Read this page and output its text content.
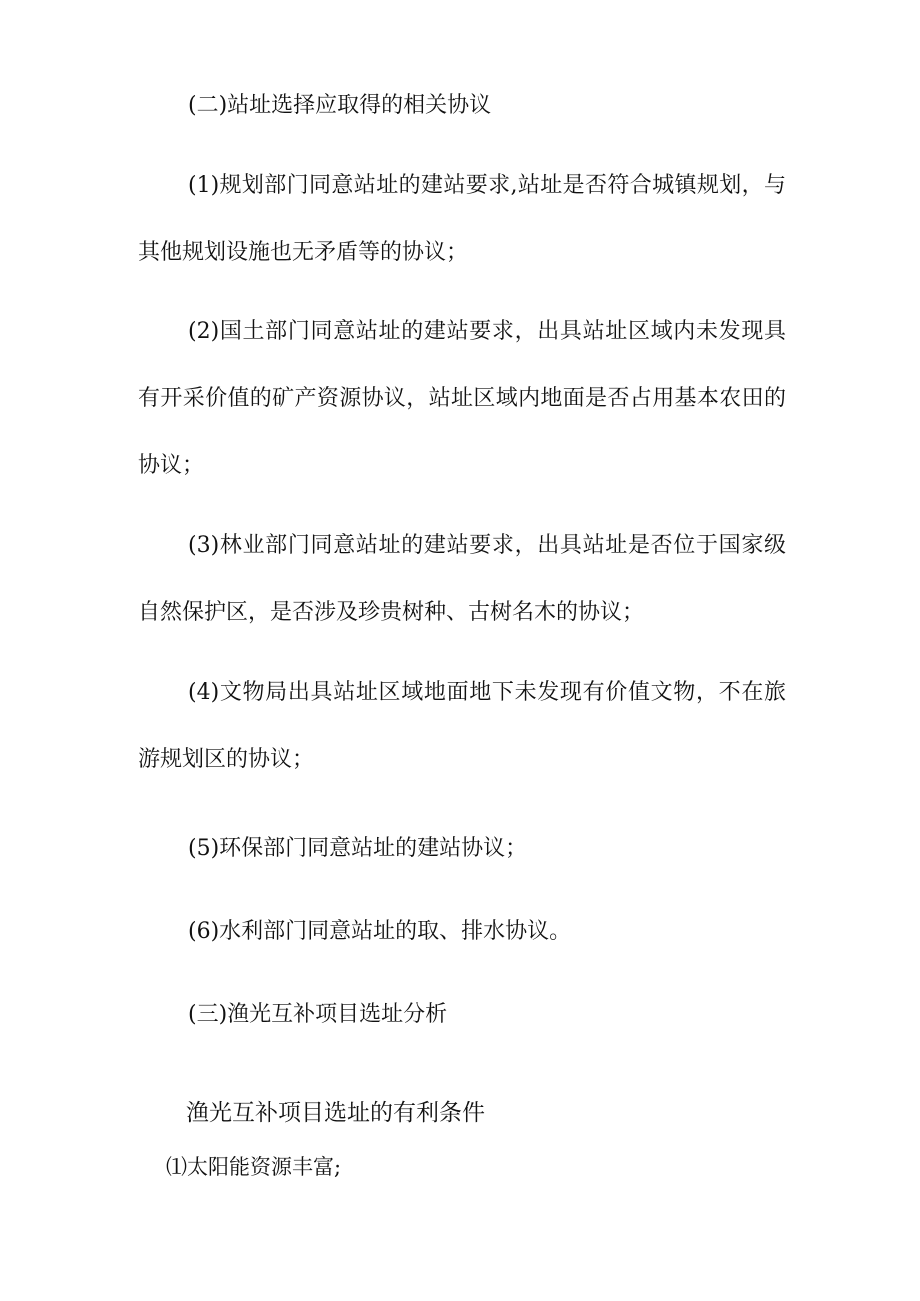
(二)站址选择应取得的相关协议

(1)规划部门同意站址的建站要求,站址是否符合城镇规划，与其他规划设施也无矛盾等的协议；

(2)国土部门同意站址的建站要求，出具站址区域内未发现具有开采价值的矿产资源协议，站址区域内地面是否占用基本农田的协议；

(3)林业部门同意站址的建站要求，出具站址是否位于国家级自然保护区，是否涉及珍贵树种、古树名木的协议；

(4)文物局出具站址区域地面地下未发现有价值文物，不在旅游规划区的协议；

(5)环保部门同意站址的建站协议；

(6)水利部门同意站址的取、排水协议。

(三)渔光互补项目选址分析

渔光互补项目选址的有利条件

⑴太阳能资源丰富;
